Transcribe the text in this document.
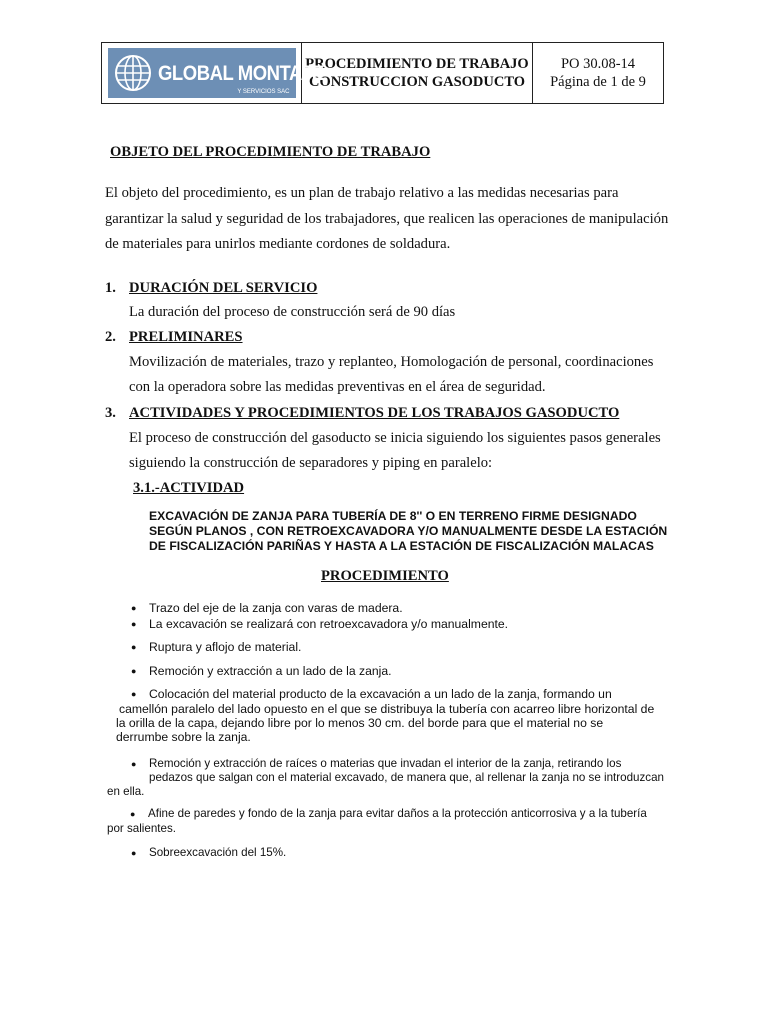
GLOBAL MONTAJE
Y SERVICIOS SAC
PROCEDIMIENTO DE TRABAJO
CONSTRUCCION GASODUCTO
PO 30.08-14
Página de 1 de 9
OBJETO DEL PROCEDIMIENTO DE TRABAJO
El objeto del procedimiento, es un plan de trabajo relativo a las medidas necesarias para
garantizar la salud y seguridad de los trabajadores, que realicen las operaciones de manipulación
de materiales para unirlos mediante cordones de soldadura.
1. DURACIÓN DEL SERVICIO
La duración del proceso de construcción será de 90 días
2. PRELIMINARES
Movilización de materiales, trazo y replanteo, Homologación de personal, coordinaciones
con la operadora sobre las medidas preventivas en el área de seguridad.
3. ACTIVIDADES Y PROCEDIMIENTOS DE LOS TRABAJOS GASODUCTO
El proceso de construcción del gasoducto se inicia siguiendo los siguientes pasos generales
siguiendo la construcción de separadores y piping en paralelo:
3.1.-ACTIVIDAD
EXCAVACIÓN DE ZANJA PARA TUBERÍA DE 8'' O EN TERRENO FIRME DESIGNADO
SEGÚN PLANOS , CON RETROEXCAVADORA Y/O MANUALMENTE DESDE LA ESTACIÓN
DE FISCALIZACIÓN PARIÑAS Y HASTA A LA ESTACIÓN DE FISCALIZACIÓN MALACAS
PROCEDIMIENTO
● Trazo del eje de la zanja con varas de madera.
● La excavación se realizará con retroexcavadora y/o manualmente.
● Ruptura y aflojo de material.
● Remoción y extracción a un lado de la zanja.
● Colocación del material producto de la excavación a un lado de la zanja, formando un
camellón paralelo del lado opuesto en el que se distribuya la tubería con acarreo libre horizontal de
la orilla de la capa, dejando libre por lo menos 30 cm. del borde para que el material no se
derrumbe sobre la zanja.
● Remoción y extracción de raíces o materias que invadan el interior de la zanja, retirando los
pedazos que salgan con el material excavado, de manera que, al rellenar la zanja no se introduzcan
en ella.
● Afine de paredes y fondo de la zanja para evitar daños a la protección anticorrosiva y a la tubería
por salientes.
● Sobreexcavación del 15%.
